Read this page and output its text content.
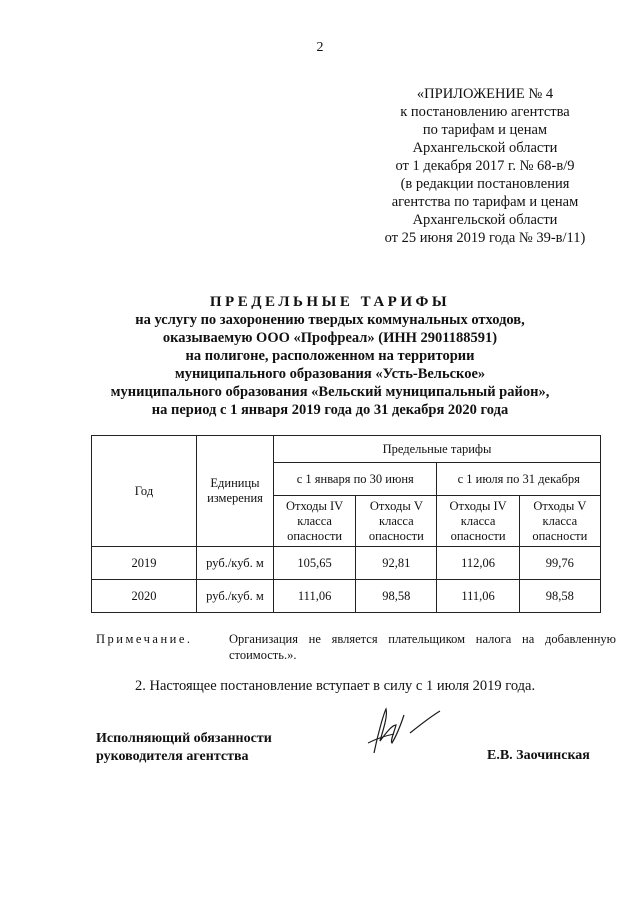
2
«ПРИЛОЖЕНИЕ № 4
к постановлению агентства
по тарифам и ценам
Архангельской области
от 1 декабря 2017 г. № 68-в/9
(в редакции постановления
агентства по тарифам и ценам
Архангельской области
от 25 июня 2019 года № 39-в/11)
ПРЕДЕЛЬНЫЕ ТАРИФЫ
на услугу по захоронению твердых коммунальных отходов,
оказываемую ООО «Профреал» (ИНН 2901188591)
на полигоне, расположенном на территории
муниципального образования «Усть-Вельское»
муниципального образования «Вельский муниципальный район»,
на период с 1 января 2019 года до 31 декабря 2020 года
Год	Единицы измерения	Предельные тарифы			
		с 1 января по 30 июня		с 1 июля по 31 декабря	
		Отходы IV класса опасности	Отходы V класса опасности	Отходы IV класса опасности	Отходы V класса опасности
2019	руб./куб. м	105,65	92,81	112,06	99,76
2020	руб./куб. м	111,06	98,58	111,06	98,58
Примечание.	Организация не является плательщиком налога на добавленную стоимость.».
2. Настоящее постановление вступает в силу с 1 июля 2019 года.
Исполняющий обязанности
руководителя агентства	Е.В. Заочинская
